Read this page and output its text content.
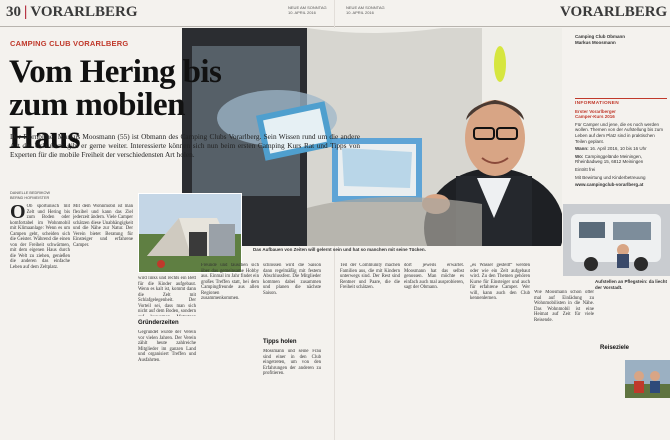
30 | VORARLBERG	NEUE AM SONNTAG
10. APRIL 2016
NEUE AM SONNTAG
10. APRIL 2016	VORARLBERG
Das Aufbauen von Zeiten will gelernt sein und hat so manchen mit seine Tücken.
Camping Club Obmann
Markus Moosmann
INFORMATIONEN
Erster Vorarlberger
Camper-Kurs 2016

Für Camper und jene, die es noch werden wollen. Themen von der Aufstellung bis zum Leben auf dem Platz sind in praktischen Teilen geplant.

Wann: 16. April 2016, 10 bis 16 Uhr

Wo: Campinggelände Meiningen, Rheinbadweg 15, 6812 Meiningen

Eintritt frei

Mit Bewirtung und Kinderbetreuung

www.campingclub-vorarlberg.at

Aufstellen an Pflegstein: da liecht der Vorstadt.
CAMPING CLUB VORARLBERG
Vom Hering bis
zum mobilen Haus

Der Dornbirner Markus Moosmann (55) ist Obmann des Camping Clubs Vorarlberg. Sein Wissen rund um die andere Art des Urlaubens gibt er gerne weiter. Interessierte können sich nun beim ersten Camping Kurs Rat und Tipps von Experten für die mobile Freiheit der verschiedensten Art holen.

DANIELLE BEDRIKOW
BERND HOFMEISTER

O Ob sportunisch mit Zelt und Hering bis zum Boden oder komfortabel im Wohnmobil mit Klimaanlage: Wenn es um Campen geht, scheiden sich die Geister. Während die einen von der Freiheit schwärmen, mit dem eigenen Haus durch die Welt zu ziehen, genießen die anderen das einfache Leben auf dem Zeltplatz.

Mit dem Wohnmobil ist man flexibel und kann das Ziel jederzeit ändern. Viele Camper schätzen diese Unabhängigkeit und die Nähe zur Natur. Der Verein bietet Beratung für Einsteiger und erfahrene Camper.

wird links und rechts ein Bett für die Kinder aufgebaut. Wenn es kalt ist, kommt dann die Zelt mit Schlafgelegenheit. Der Vorteil sei, dass man sich nicht auf dem Boden, sondern

Gründerzeiten

Gegründet wurde der Verein vor vielen Jahren. Der Verein zählt heute zahlreiche Mitglieder im ganzen Land und organisiert Treffen und Ausfahrten.

Freunde und tauschen sich über das gemeinsame Hobby aus. Einmal im Jahr findet ein großes Treffen statt, bei dem Campingfreunde aus allen Regionen zusammenkommen.

schlossen wird die Saison dann regelmäßig mit festem Abschlussfest. Die Mitglieder kommen dabei zusammen und planen die nächste Saison.

Tipps holen

Mossmann und seine Frau sind einer in den Club eingetreten, um von den Erfahrungen der anderen zu profitieren.

Teil der Community machen Familien aus, die mit Kindern unterwegs sind. Der Rest sind Rentner und Paare, die die Freiheit schätzen.

dort jeweils erwartet. Moosmann hat das selbst genossen. Man möchte es einfach auch mal ausprobieren, sagt der Obmann.

„es Wasser gestellt“ werden oder wie ein Zelt aufgebaut wird. Zu den Themen gehören Kurse für Einsteiger und auch für erfahrene Camper. Wer will, kann auch den Club kennenlernen.

Wie Moosmann schon öfter mal auf Einlädung zu Wohnmobilisten in die Nähe. Das Wohnmobil ist eine Heimat auf Zeit für viele Reisende.

Reiseziele
